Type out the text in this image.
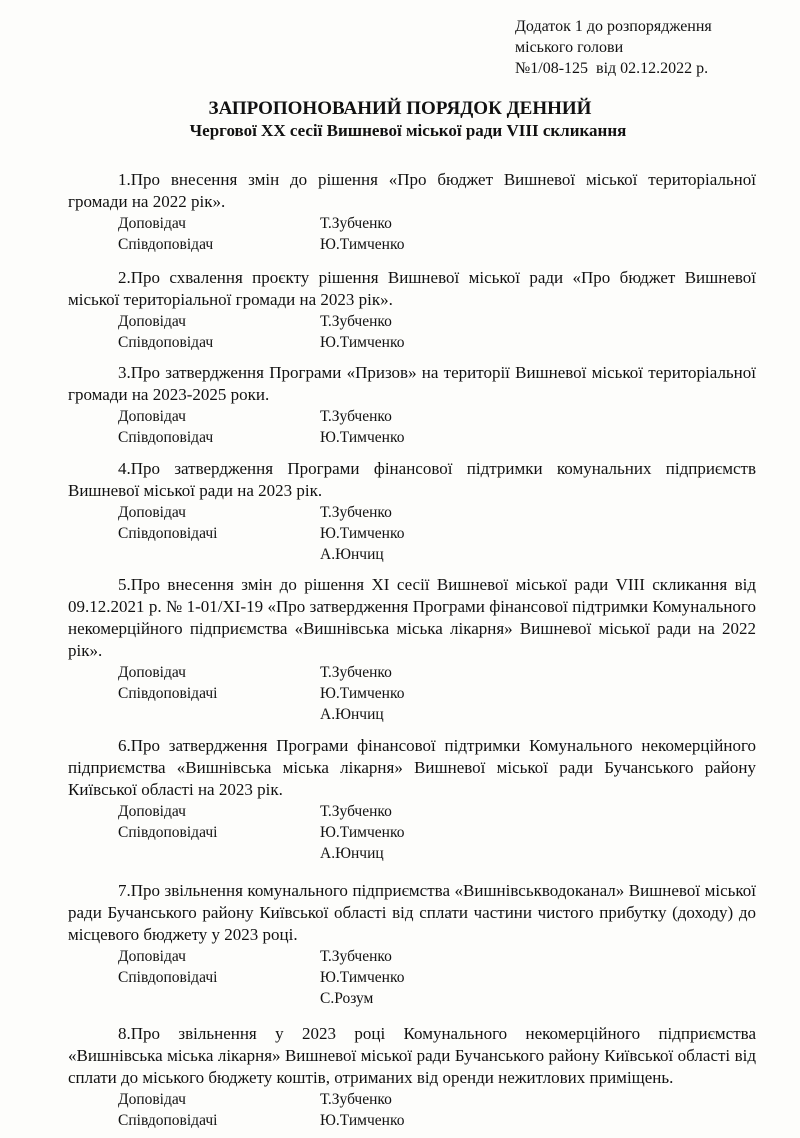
Додаток 1 до розпорядження
міського голови
№1/08-125  від 02.12.2022 р.
ЗАПРОПОНОВАНИЙ ПОРЯДОК ДЕННИЙ
Чергової XX сесії Вишневої міської ради VIII скликання

1.Про внесення змін до рішення «Про бюджет Вишневої міської територіальної громади на 2022 рік».

Доповідач	Т.Зубченко
Співдоповідач	Ю.Тимченко

2.Про схвалення проєкту рішення Вишневої міської ради «Про бюджет Вишневої міської територіальної громади на 2023 рік».

Доповідач	Т.Зубченко
Співдоповідач	Ю.Тимченко

3.Про затвердження Програми «Призов» на території Вишневої міської територіальної громади на 2023-2025 роки.

Доповідач	Т.Зубченко
Співдоповідач	Ю.Тимченко

4.Про затвердження Програми фінансової підтримки комунальних підприємств Вишневої міської ради на 2023 рік.

Доповідач	Т.Зубченко
Співдоповідачі	Ю.Тимченко
А.Юнчиц

5.Про внесення змін до рішення XI сесії Вишневої міської ради VIII скликання від 09.12.2021 р. № 1-01/XI-19 «Про затвердження Програми фінансової підтримки Комунального некомерційного підприємства «Вишнівська міська лікарня» Вишневої міської ради на 2022 рік».

Доповідач	Т.Зубченко
Співдоповідачі	Ю.Тимченко
А.Юнчиц

6.Про затвердження Програми фінансової підтримки Комунального некомерційного підприємства «Вишнівська міська лікарня» Вишневої міської ради Бучанського району Київської області на 2023 рік.

Доповідач	Т.Зубченко
Співдоповідачі	Ю.Тимченко
А.Юнчиц

7.Про звільнення комунального підприємства «Вишнівськводоканал» Вишневої міської ради Бучанського району Київської області від сплати частини чистого прибутку (доходу) до місцевого бюджету у 2023 році.

Доповідач	Т.Зубченко
Співдоповідачі	Ю.Тимченко
С.Розум

8.Про звільнення у 2023 році Комунального некомерційного підприємства «Вишнівська міська лікарня» Вишневої міської ради Бучанського району Київської області від сплати до міського бюджету коштів, отриманих від оренди нежитлових приміщень.

Доповідач	Т.Зубченко
Співдоповідачі	Ю.Тимченко
